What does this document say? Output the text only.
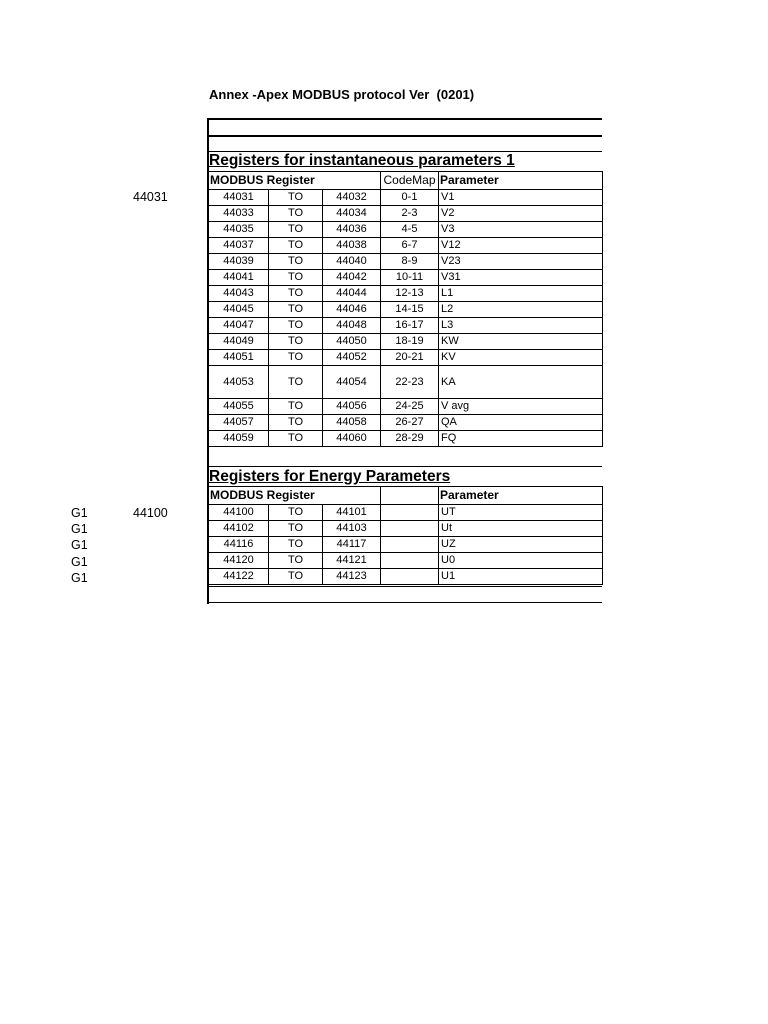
Annex -Apex MODBUS protocol Ver  (0201)
Registers for instantaneous parameters 1
44031
MODBUS Register			CodeMap	Parameter
44031	TO	44032	0-1	V1
44033	TO	44034	2-3	V2
44035	TO	44036	4-5	V3
44037	TO	44038	6-7	V12
44039	TO	44040	8-9	V23
44041	TO	44042	10-11	V31
44043	TO	44044	12-13	L1
44045	TO	44046	14-15	L2
44047	TO	44048	16-17	L3
44049	TO	44050	18-19	KW
44051	TO	44052	20-21	KV
44053	TO	44054	22-23	KA
44055	TO	44056	24-25	V avg
44057	TO	44058	26-27	QA
44059	TO	44060	28-29	FQ
Registers for Energy Parameters
44100
G1
G1
G1
G1
G1
MODBUS Register				Parameter
44100	TO	44101		UT
44102	TO	44103		Ut
44116	TO	44117		UZ
44120	TO	44121		U0
44122	TO	44123		U1
